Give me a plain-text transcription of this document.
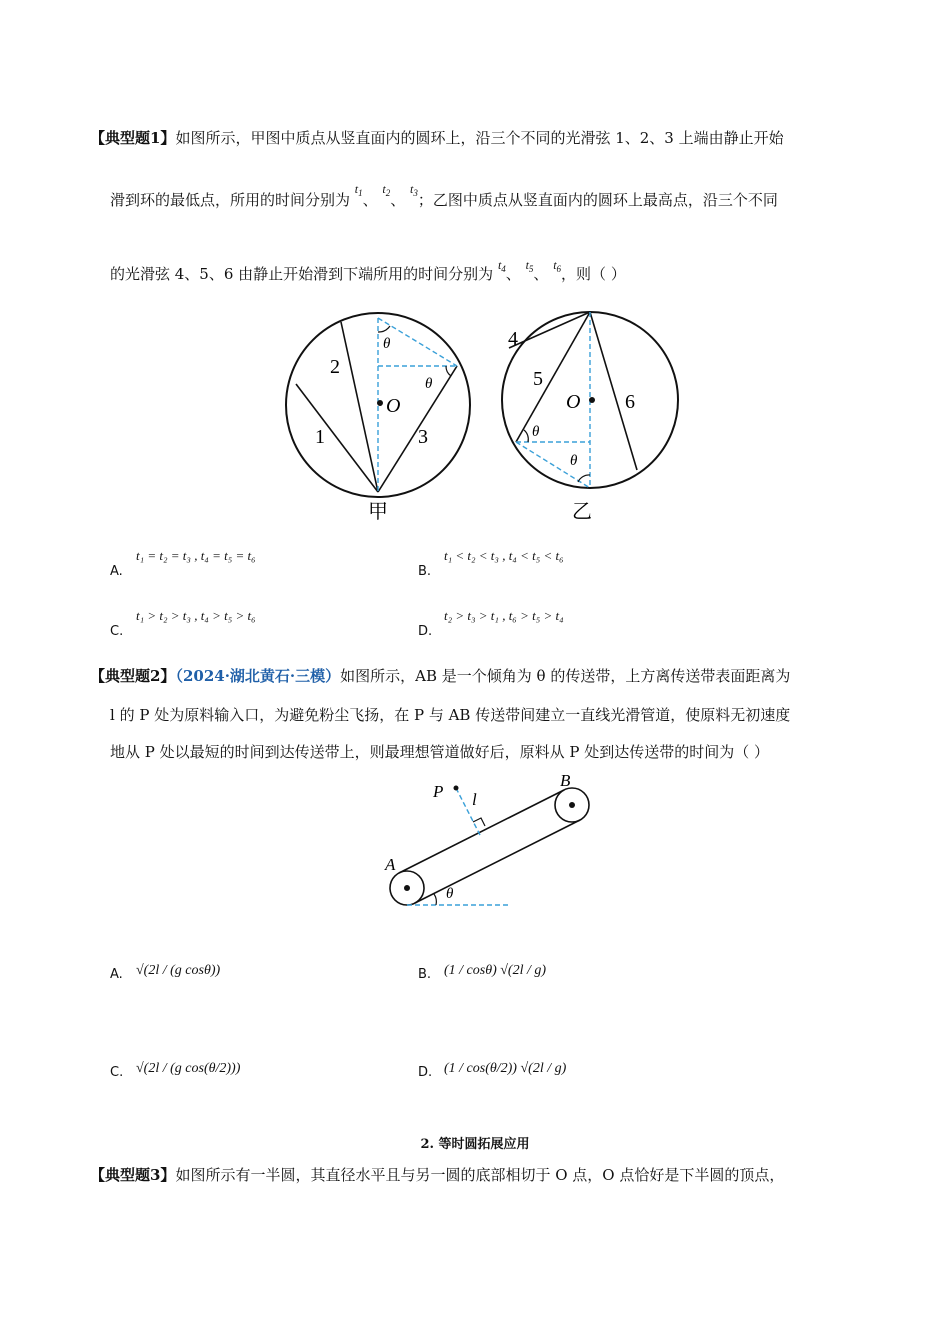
【典型题1】如图所示，甲图中质点从竖直面内的圆环上，沿三个不同的光滑弦 1、2、3 上端由静止开始
滑到环的最低点，所用的时间分别为 $^{t_1}$、 $^{t_2}$、 $^{t_3}$；乙图中质点从竖直面内的圆环上最高点，沿三个不同
的光滑弦 4、5、6 由静止开始滑到下端所用的时间分别为 $^{t_4}$、 $^{t_5}$、 $^{t_6}$，则（ ）
O
1
2
3
θ
θ
甲
O
4
5
6
θ
θ
乙
A.
t₁ = t₂ = t₃ , t₄ = t₅ = t₆
B.
t₁ < t₂ < t₃ , t₄ < t₅ < t₆
C.
t₁ > t₂ > t₃ , t₄ > t₅ > t₆
D.
t₂ > t₃ > t₁ , t₆ > t₅ > t₄
【典型题2】（2024·湖北黄石·三模）如图所示，AB 是一个倾角为 θ 的传送带，上方离传送带表面距离为
l 的 P 处为原料输入口，为避免粉尘飞扬，在 P 与 AB 传送带间建立一直线光滑管道，使原料无初速度
地从 P 处以最短的时间到达传送带上，则最理想管道做好后，原料从 P 处到达传送带的时间为（ ）
P l
A
B
θ
A. √(2l / (g cosθ))	B. (1 / cosθ) √(2l / g)
C. √(2l / (g cos(θ/2)))	D. (1 / cos(θ/2)) √(2l / g)
2. 等时圆拓展应用
【典型题3】如图所示有一半圆，其直径水平且与另一圆的底部相切于 O 点，O 点恰好是下半圆的顶点，
